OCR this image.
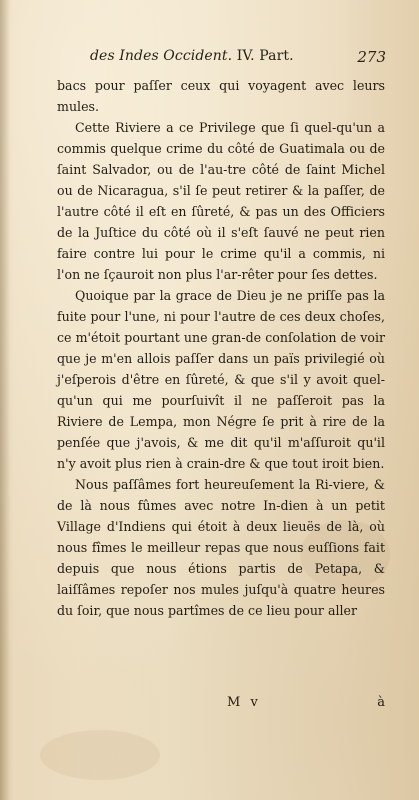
des Indes Occident. IV. Part.	273

bacs pour paſſer ceux qui voyagent avec leurs mules.

Cette Riviere a ce Privilege que ſi quel-qu'un a commis quelque crime du côté de Guatimala ou de ſaint Salvador, ou de l'au-tre côté de ſaint Michel ou de Nicaragua, s'il ſe peut retirer & la paſſer, de l'autre côté il eſt en ſûreté, & pas un des Officiers de la Juſtice du côté où il s'eſt ſauvé ne peut rien faire contre lui pour le crime qu'il a commis, ni l'on ne ſçauroit non plus l'ar-rêter pour ſes dettes.

Quoique par la grace de Dieu je ne priſſe pas la fuite pour l'une, ni pour l'autre de ces deux choſes, ce m'étoit pourtant une gran-de conſolation de voir que je m'en allois paſſer dans un païs privilegié où j'eſperois d'être en ſûreté, & que s'il y avoit quel-qu'un qui me pourſuivît il ne paſſeroit pas la Riviere de Lempa, mon Négre ſe prit à rire de la penſée que j'avois, & me dit qu'il m'aſſuroit qu'il n'y avoit plus rien à crain-dre & que tout iroit bien.

Nous paſſâmes fort heureuſement la Ri-viere, & de là nous fûmes avec notre In-dien à un petit Village d'Indiens qui étoit à deux lieuës de là, où nous fîmes le meilleur repas que nous euſſions fait depuis que nous étions partis de Petapa, & laiſſâmes repoſer nos mules juſqu'à quatre heures du ſoir, que nous partîmes de ce lieu pour aller

M v	à
